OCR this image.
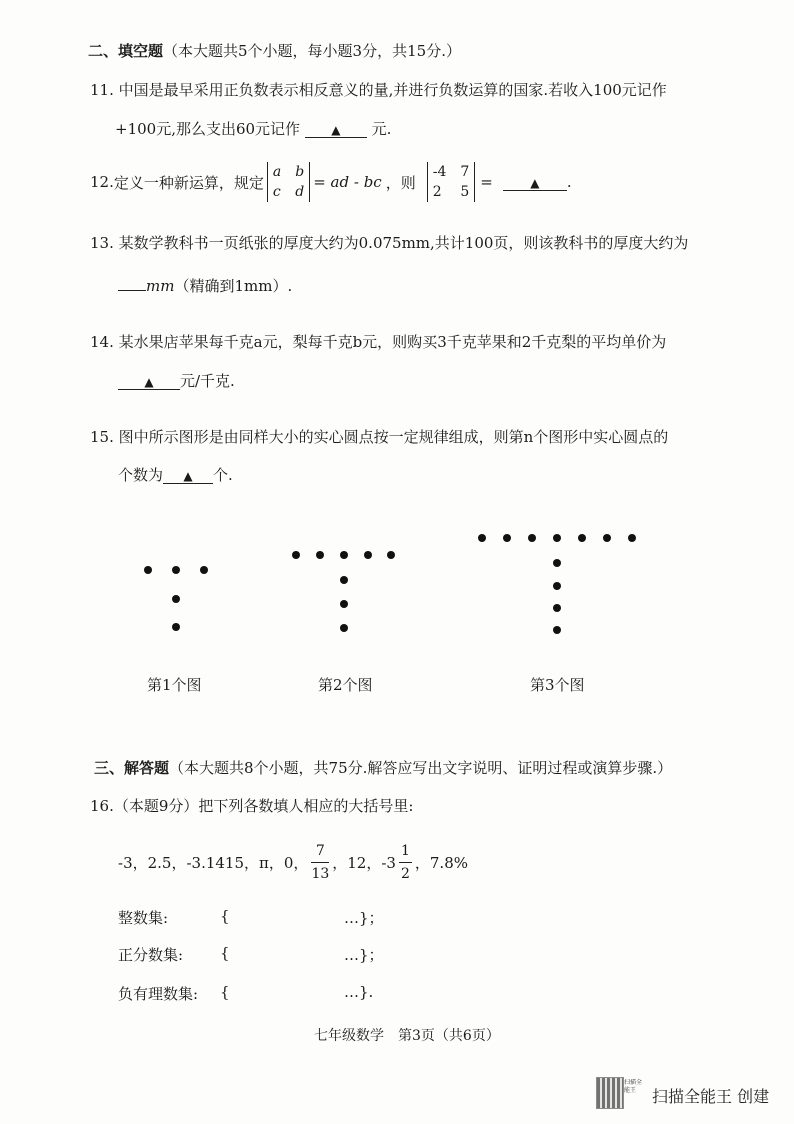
二、填空题（本大题共5个小题，每小题3分，共15分.）
11. 中国是最早采用正负数表示相反意义的量,并进行负数运算的国家.若收入100元记作
+100元,那么支出60元记作	▲ 元.
12. 定义一种新运算，规定
a b
c d
= ad - bc ，则
-4 7
2 5
=	▲	.
13. 某数学教科书一页纸张的厚度大约为0.075mm,共计100页，则该教科书的厚度大约为
mm（精确到1mm）.
14. 某水果店苹果每千克a元，梨每千克b元，则购买3千克苹果和2千克梨的平均单价为
▲ 元/千克.
15. 图中所示图形是由同样大小的实心圆点按一定规律组成，则第n个图形中实心圆点的
个数为 ▲ 个.
第1个图	第2个图	第3个图
三、解答题（本大题共8个小题，共75分.解答应写出文字说明、证明过程或演算步骤.）
16.（本题9分）把下列各数填人相应的大括号里:
-3，2.5，-3.1415，π，0， $\frac{7}{13}$ ，12，$-3 \frac{1}{2}$ ，7.8%
整数集:	{	…}；
正分数集: {	…}；
负有理数集: {	…}.
七年级数学　第3页（共6页）
扫描全能王 扫描全能王 创建
